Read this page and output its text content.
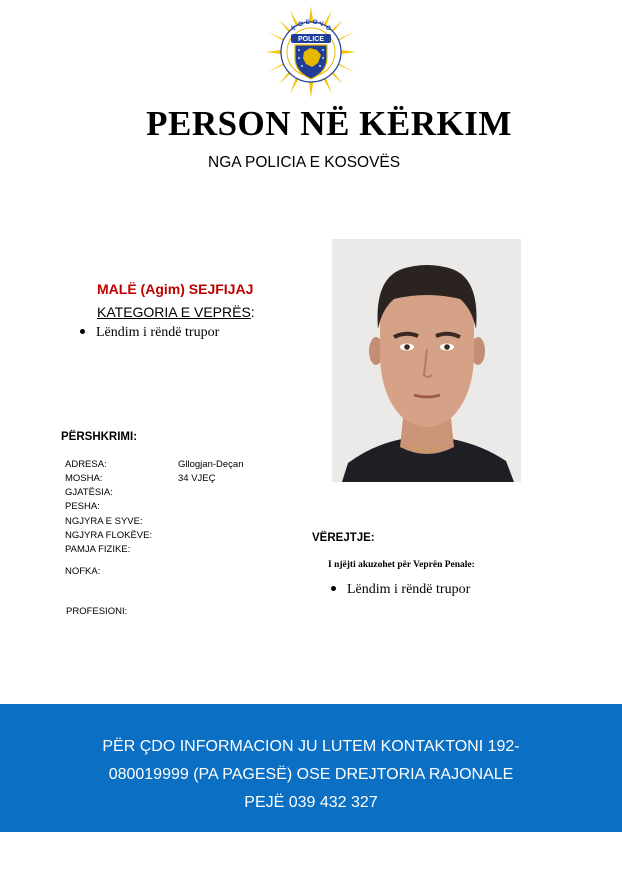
POLICE
KO S O VO
PERSON NË KËRKIM
NGA POLICIA E KOSOVËS
MALË (Agim) SEJFIJAJ
KATEGORIA E VEPRËS:
Lëndim i rëndë trupor
PËRSHKRIMI:
ADRESA:	Gllogjan-Deçan
MOSHA:	34 VJEÇ
GJATËSIA:
PESHA:
NGJYRA E SYVE:
NGJYRA FLOKËVE:
PAMJA FIZIKE:
NOFKA:
PROFESIONI:
VËREJTJE:
I njëjti akuzohet për Veprën Penale:
Lëndim i rëndë trupor
PËR ÇDO INFORMACION JU LUTEM KONTAKTONI 192-
080019999 (PA PAGESË) OSE DREJTORIA RAJONALE
PEJË 039 432 327
